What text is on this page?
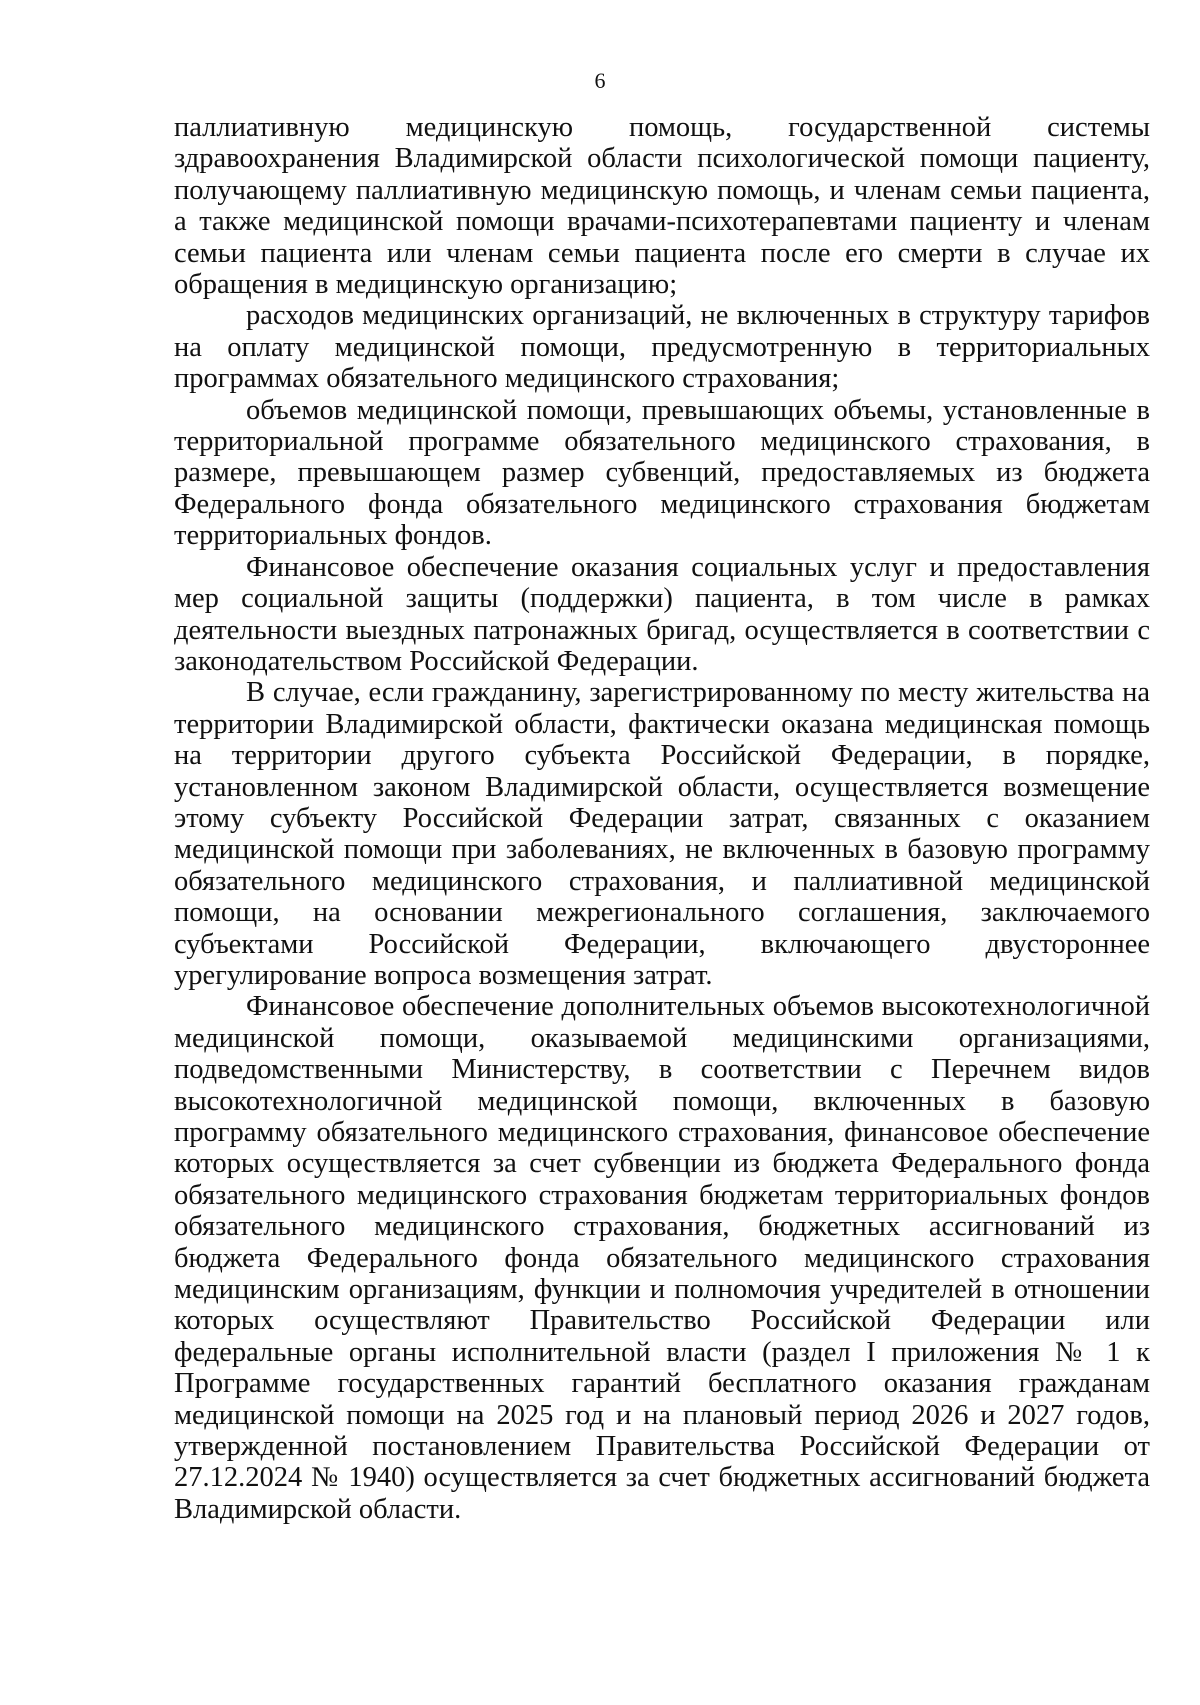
6

паллиативную медицинскую помощь, государственной системы здравоохранения Владимирской области психологической помощи пациенту, получающему паллиативную медицинскую помощь, и членам семьи пациента, а также медицинской помощи врачами-психотерапевтами пациенту и членам семьи пациента или членам семьи пациента после его смерти в случае их обращения в медицинскую организацию;

расходов медицинских организаций, не включенных в структуру тарифов на оплату медицинской помощи, предусмотренную в территориальных программах обязательного медицинского страхования;

объемов медицинской помощи, превышающих объемы, установленные в территориальной программе обязательного медицинского страхования, в размере, превышающем размер субвенций, предоставляемых из бюджета Федерального фонда обязательного медицинского страхования бюджетам территориальных фондов.

Финансовое обеспечение оказания социальных услуг и предоставления мер социальной защиты (поддержки) пациента, в том числе в рамках деятельности выездных патронажных бригад, осуществляется в соответствии с законодательством Российской Федерации.

В случае, если гражданину, зарегистрированному по месту жительства на территории Владимирской области, фактически оказана медицинская помощь на территории другого субъекта Российской Федерации, в порядке, установленном законом Владимирской области, осуществляется возмещение этому субъекту Российской Федерации затрат, связанных с оказанием медицинской помощи при заболеваниях, не включенных в базовую программу обязательного медицинского страхования, и паллиативной медицинской помощи, на основании межрегионального соглашения, заключаемого субъектами Российской Федерации, включающего двустороннее урегулирование вопроса возмещения затрат.

Финансовое обеспечение дополнительных объемов высокотехнологичной медицинской помощи, оказываемой медицинскими организациями, подведомственными Министерству, в соответствии с Перечнем видов высокотехнологичной медицинской помощи, включенных в базовую программу обязательного медицинского страхования, финансовое обеспечение которых осуществляется за счет субвенции из бюджета Федерального фонда обязательного медицинского страхования бюджетам территориальных фондов обязательного медицинского страхования, бюджетных ассигнований из бюджета Федерального фонда обязательного медицинского страхования медицинским организациям, функции и полномочия учредителей в отношении которых осуществляют Правительство Российской Федерации или федеральные органы исполнительной власти (раздел I приложения № 1 к Программе государственных гарантий бесплатного оказания гражданам медицинской помощи на 2025 год и на плановый период 2026 и 2027 годов, утвержденной постановлением Правительства Российской Федерации от 27.12.2024 № 1940) осуществляется за счет бюджетных ассигнований бюджета Владимирской области.
